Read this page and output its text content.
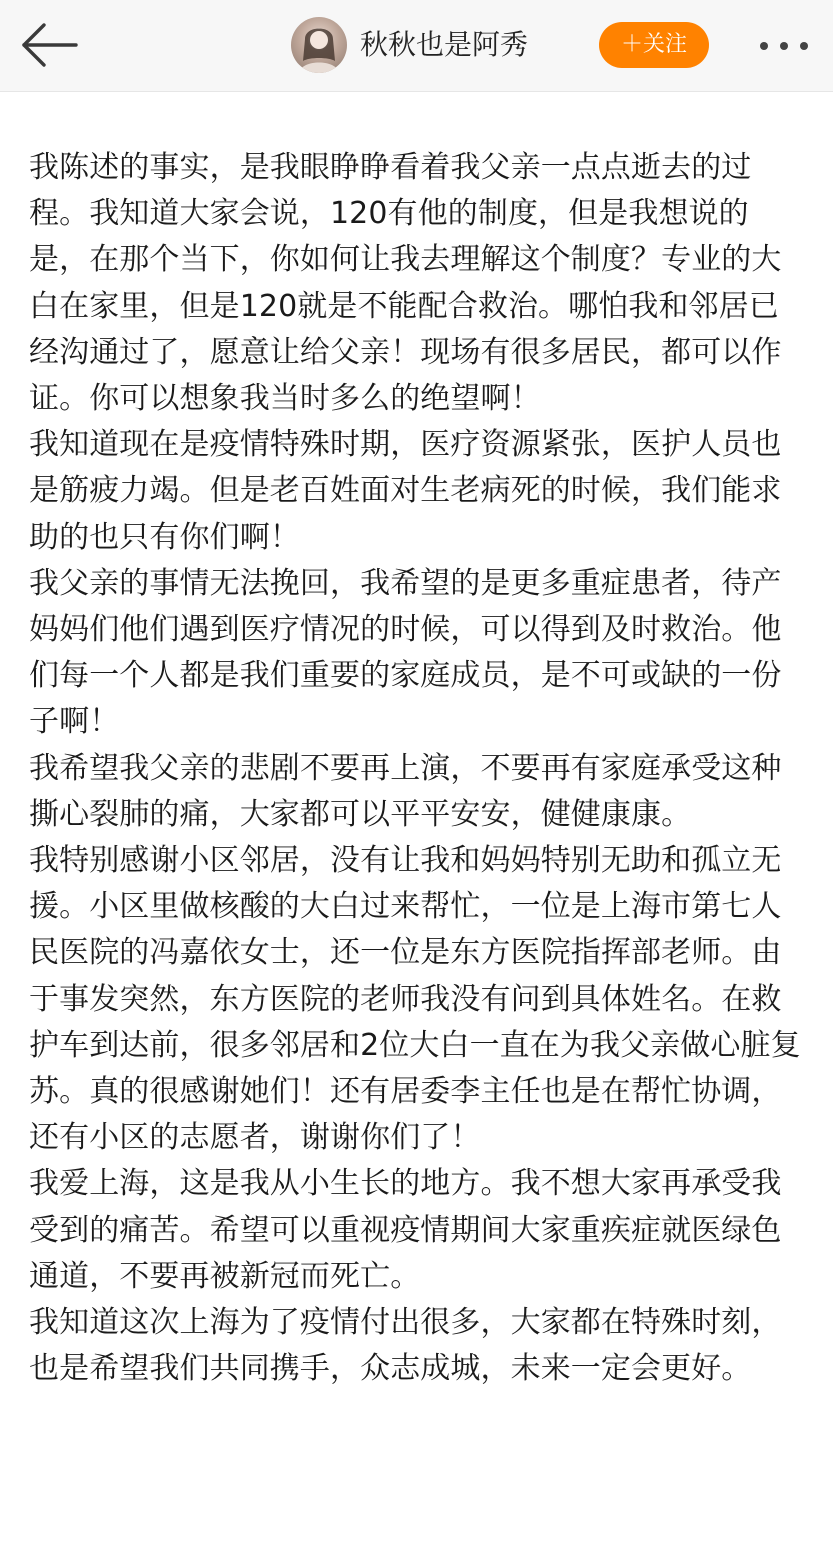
秋秋也是阿秀	＋关注

我陈述的事实，是我眼睁睁看着我父亲一点点逝去的过程。我知道大家会说，120有他的制度，但是我想说的是，在那个当下，你如何让我去理解这个制度？专业的大白在家里，但是120就是不能配合救治。哪怕我和邻居已经沟通过了，愿意让给父亲！现场有很多居民，都可以作证。你可以想象我当时多么的绝望啊！

我知道现在是疫情特殊时期，医疗资源紧张，医护人员也是筋疲力竭。但是老百姓面对生老病死的时候，我们能求助的也只有你们啊！

我父亲的事情无法挽回，我希望的是更多重症患者，待产妈妈们他们遇到医疗情况的时候，可以得到及时救治。他们每一个人都是我们重要的家庭成员，是不可或缺的一份子啊！

我希望我父亲的悲剧不要再上演，不要再有家庭承受这种撕心裂肺的痛，大家都可以平平安安，健健康康。

我特别感谢小区邻居，没有让我和妈妈特别无助和孤立无援。小区里做核酸的大白过来帮忙，一位是上海市第七人民医院的冯嘉依女士，还一位是东方医院指挥部老师。由于事发突然，东方医院的老师我没有问到具体姓名。在救护车到达前，很多邻居和2位大白一直在为我父亲做心脏复苏。真的很感谢她们！还有居委李主任也是在帮忙协调，还有小区的志愿者，谢谢你们了！

我爱上海，这是我从小生长的地方。我不想大家再承受我受到的痛苦。希望可以重视疫情期间大家重疾症就医绿色通道，不要再被新冠而死亡。

我知道这次上海为了疫情付出很多，大家都在特殊时刻，也是希望我们共同携手，众志成城，未来一定会更好。
